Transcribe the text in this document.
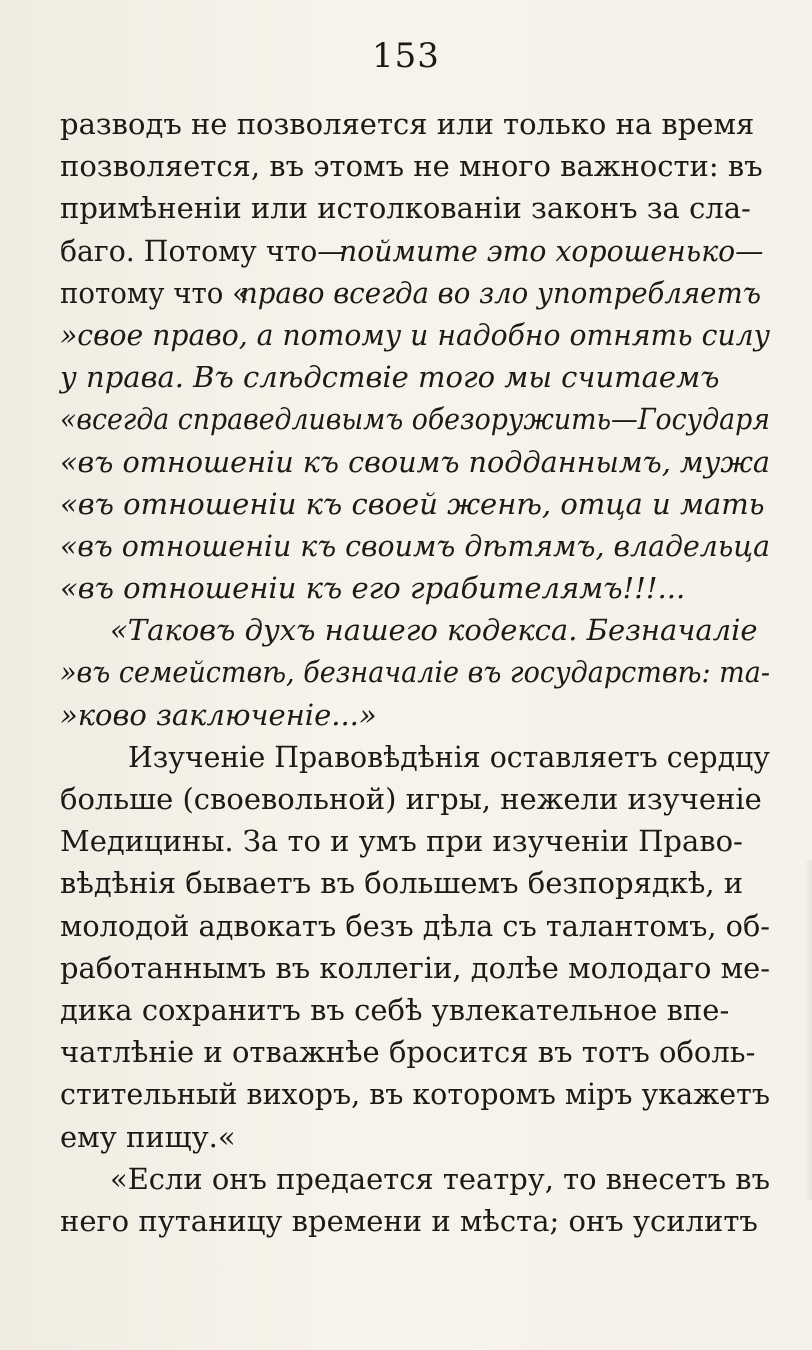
153
разводъ не позволяется или только на время
позволяется, въ этомъ не много важности: въ
примѣненіи или истолкованіи законъ за сла-
баго. Потому что—
поймите это хорошенько—
потому что «
право всегда во зло употребляетъ
»свое право, а потому и надобно отнять силу
у права. Въ слѣдствіе того мы считаемъ
«всегда справедливымъ обезоружить—Государя
«въ отношеніи къ своимъ подданнымъ, мужа
«въ отношеніи къ своей женѣ, отца и мать
«въ отношеніи къ своимъ дѣтямъ, владельца
«въ отношеніи къ его грабителямъ!!!...
«Таковъ духъ нашего кодекса. Безначаліе
»въ семействѣ, безначаліе въ государствѣ: та-
»ково заключеніе...»
Изученіе Правовѣдѣнія оставляетъ сердцу
больше (своевольной) игры, нежели изученіе
Медицины. За то и умъ при изученіи Право-
вѣдѣнія бываетъ въ большемъ безпорядкѣ, и
молодой адвокатъ безъ дѣла съ талантомъ, об-
работаннымъ въ коллегіи, долѣе молодаго ме-
дика сохранитъ въ себѣ увлекательное впе-
чатлѣніе и отважнѣе бросится въ тотъ оболь-
стительный вихоръ, въ которомъ міръ укажетъ
ему пищу.«
«Если онъ предается театру, то внесетъ въ
него путаницу времени и мѣста; онъ усилитъ
